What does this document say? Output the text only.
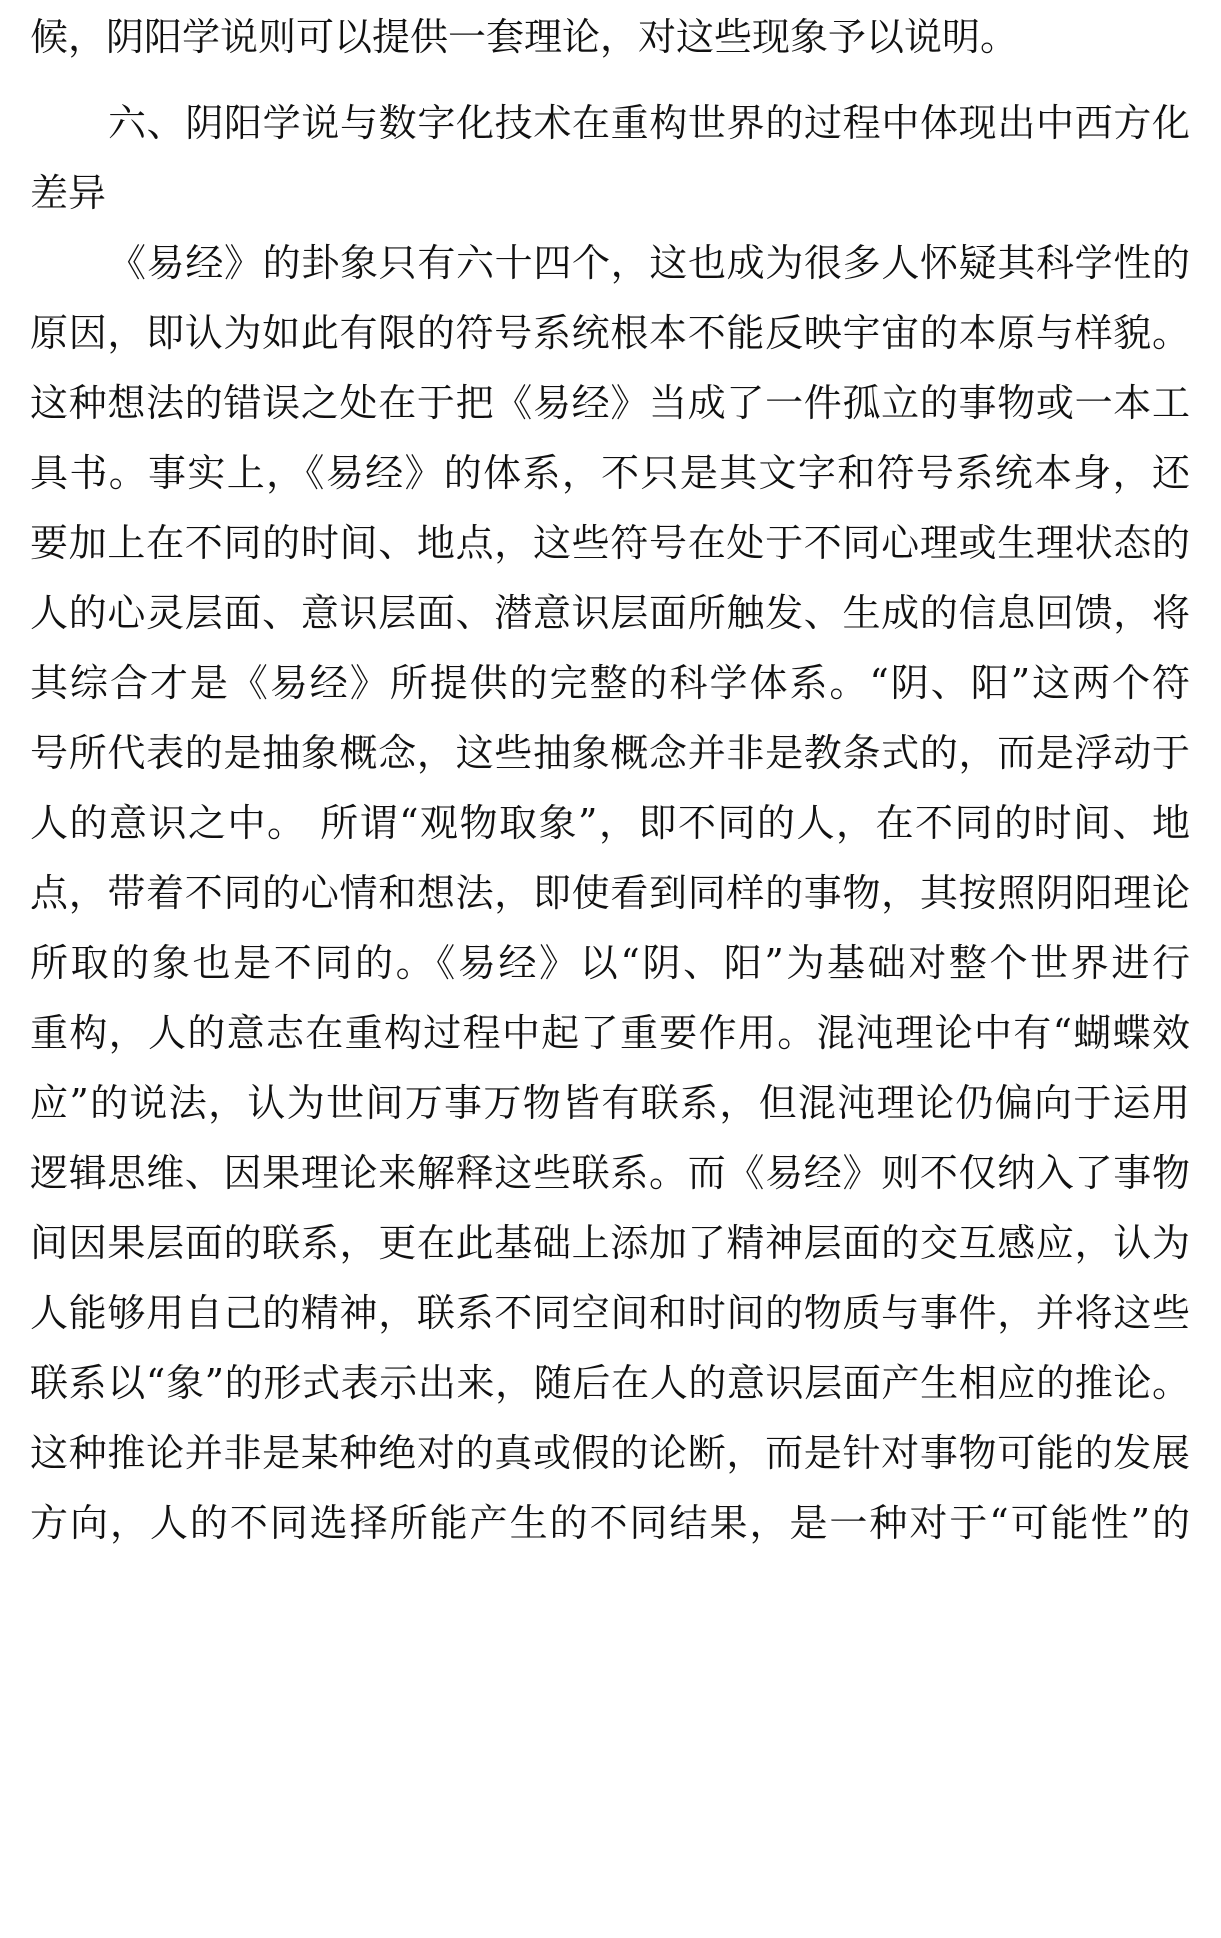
候，阴阳学说则可以提供一套理论，对这些现象予以说明。
六、阴阳学说与数字化技术在重构世界的过程中体现出中西方化
差异
《易经》的卦象只有六十四个，这也成为很多人怀疑其科学性的
原因，即认为如此有限的符号系统根本不能反映宇宙的本原与样貌。
这种想法的错误之处在于把《易经》当成了一件孤立的事物或一本工
具书。事实上，《易经》的体系，不只是其文字和符号系统本身，还
要加上在不同的时间、地点，这些符号在处于不同心理或生理状态的
人的心灵层面、意识层面、潜意识层面所触发、生成的信息回馈，将
其综合才是《易经》所提供的完整的科学体系。“阴、阳”这两个符
号所代表的是抽象概念，这些抽象概念并非是教条式的，而是浮动于
人的意识之中。 所谓“观物取象”，即不同的人，在不同的时间、地
点，带着不同的心情和想法，即使看到同样的事物，其按照阴阳理论
所取的象也是不同的。《易经》以“阴、阳”为基础对整个世界进行
重构，人的意志在重构过程中起了重要作用。混沌理论中有“蝴蝶效
应”的说法，认为世间万事万物皆有联系，但混沌理论仍偏向于运用
逻辑思维、因果理论来解释这些联系。而《易经》则不仅纳入了事物
间因果层面的联系，更在此基础上添加了精神层面的交互感应，认为
人能够用自己的精神，联系不同空间和时间的物质与事件，并将这些
联系以“象”的形式表示出来，随后在人的意识层面产生相应的推论。
这种推论并非是某种绝对的真或假的论断，而是针对事物可能的发展
方向，人的不同选择所能产生的不同结果，是一种对于“可能性”的
